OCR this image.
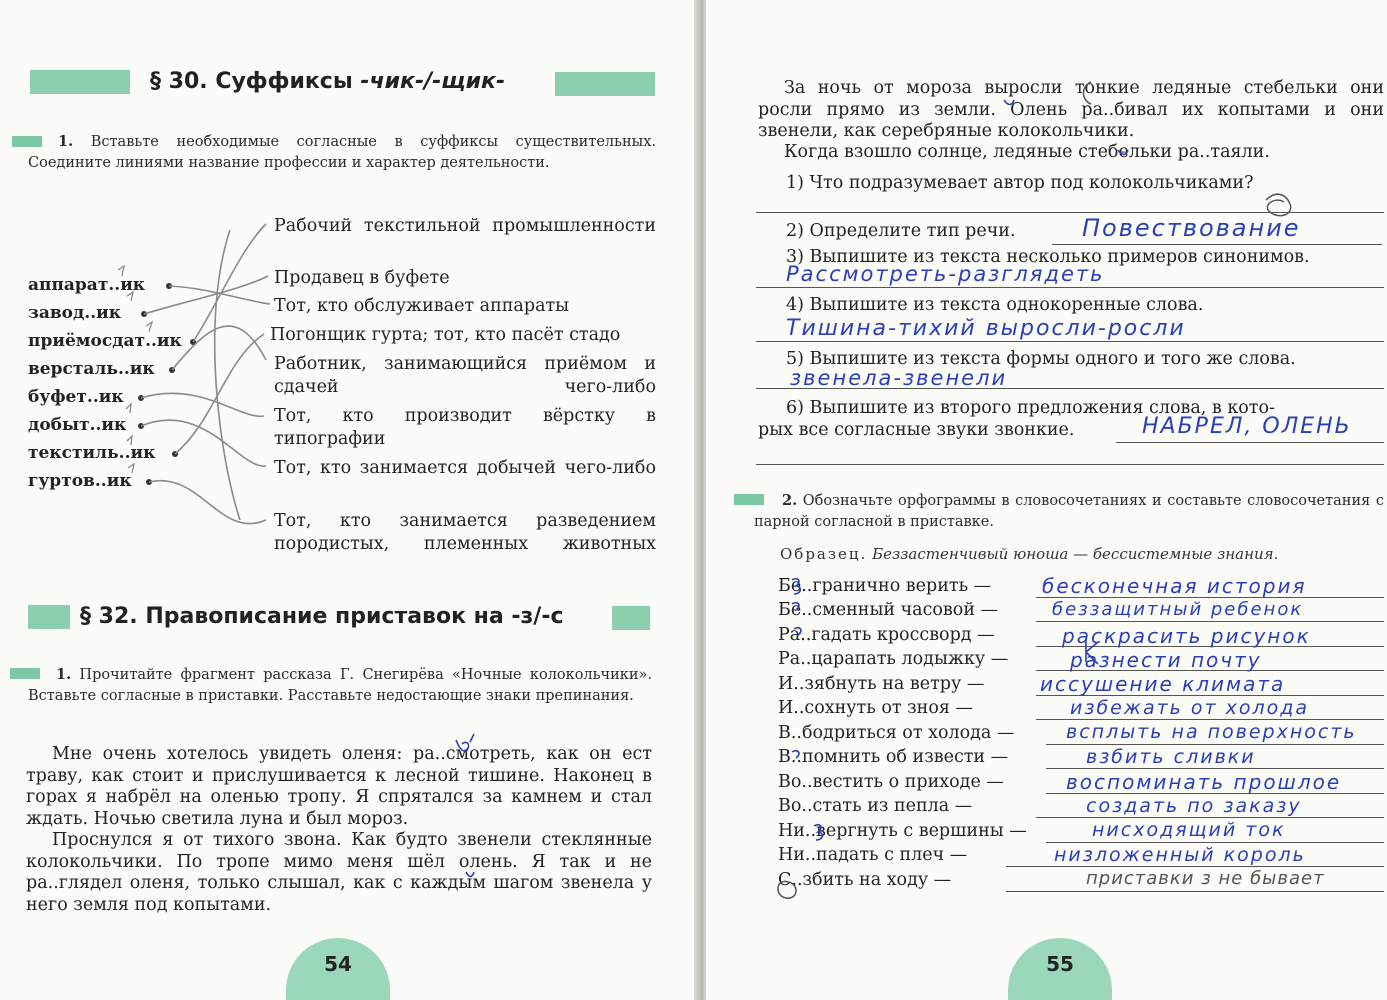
§ 30. Суффиксы -чик-/-щик-
1. Вставьте необходимые согласные в суффиксы существительных. Соедините линиями название профессии и характер деятельности.
аппарат..ик
завод..ик
приёмосдат..ик
версталь..ик
буфет..ик
добыт..ик
текстиль..ик
гуртов..ик
Рабочий текстильной промышленности
Продавец в буфете
Тот, кто обслуживает аппараты
Погонщик гурта; тот, кто пасёт стадо
Работник, занимающийся приёмом и сдачей чего-либо
Тот, кто производит вёрстку в типографии
Тот, кто занимается добычей чего-либо
Тот, кто занимается разведением породистых, племенных животных
§ 32. Правописание приставок на -з/-с
1. Прочитайте фрагмент рассказа Г. Снегирёва «Ночные колокольчики». Вставьте согласные в приставки. Расставьте недостающие знаки препинания.
Мне очень хотелось увидеть оленя: ра..смотреть, как он ест траву, как стоит и прислушивается к лесной тишине. Наконец в горах я набрёл на оленью тропу. Я спрятался за камнем и стал ждать. Ночью светила луна и был мороз.
Проснулся я от тихого звона. Как будто звенели стеклянные колокольчики. По тропе мимо меня шёл олень. Я так и не ра..глядел оленя, только слышал, как с каждым шагом звенела у него земля под копытами.
54
За ночь от мороза выросли тонкие ледяные стебельки они росли прямо из земли. Олень ра..бивал их копытами и они звенели, как серебряные колокольчики.
Когда взошло солнце, ледяные стебельки ра..таяли.
1) Что подразумевает автор под колокольчиками?
2) Определите тип речи.	Повествование
3) Выпишите из текста несколько примеров синонимов.
Рассмотреть-разглядеть
4) Выпишите из текста однокоренные слова.
Тишина-тихий выросли-росли
5) Выпишите из текста формы одного и того же слова.
звенела-звенели
6) Выпишите из второго предложения слова, в кото-
рых все согласные звуки звонкие.	НАБРЕЛ, ОЛЕНЬ
2. Обозначьте орфограммы в словосочетаниях и составьте словосочетания с парной согласной в приставке.
Образец. Беззастенчивый юноша — бессистемные знания.
Бе..гранично верить —
Бе..сменный часовой —
Ра..гадать кроссворд —
Ра..царапать лодыжку —
И..зябнуть на ветру —
И..сохнуть от зноя —
В..бодриться от холода —
В..помнить об извести —
Во..вестить о приходе —
Во..стать из пепла —
Ни..вергнуть с вершины —
Ни..падать с плеч —
С..збить на ходу —
бесконечная история
беззащитный ребенок
раскрасить рисунок
разнести почту
иссушение климата
избежать от холода
всплыть на поверхность
взбить сливки
воспоминать прошлое
создать по заказу
нисходящий ток
низложенный король
приставки з не бывает
55
